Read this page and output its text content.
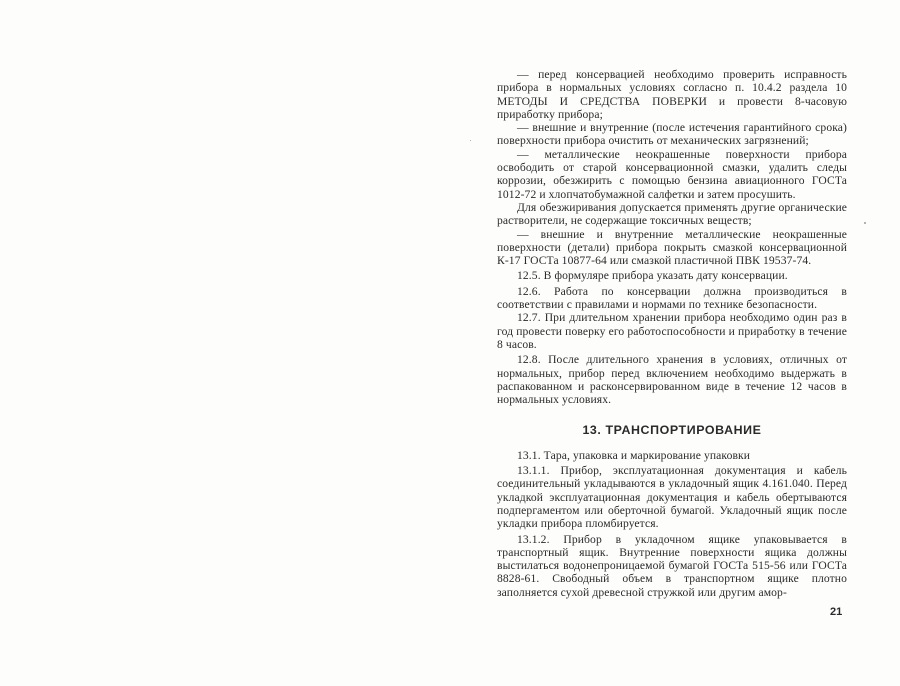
— перед консервацией необходимо проверить исправность прибора в нормальных условиях согласно п. 10.4.2 раздела 10 МЕТОДЫ И СРЕДСТВА ПОВЕРКИ и провести 8-часовую приработку прибора;

— внешние и внутренние (после истечения гарантийного срока) поверхности прибора очистить от механических загрязнений;

— металлические неокрашенные поверхности прибора освободить от старой консервационной смазки, удалить следы коррозии, обезжирить с помощью бензина авиационного ГОСТа 1012-72 и хлопчатобумажной салфетки и затем просушить.

Для обезжиривания допускается применять другие органические растворители, не содержащие токсичных веществ;

— внешние и внутренние металлические неокрашенные поверхности (детали) прибора покрыть смазкой консервационной К-17 ГОСТа 10877-64 или смазкой пластичной ПВК 19537-74.

12.5. В формуляре прибора указать дату консервации.

12.6. Работа по консервации должна производиться в соответствии с правилами и нормами по технике безопасности.

12.7. При длительном хранении прибора необходимо один раз в год провести поверку его работоспособности и приработку в течение 8 часов.

12.8. После длительного хранения в условиях, отличных от нормальных, прибор перед включением необходимо выдержать в распакованном и расконсервированном виде в течение 12 часов в нормальных условиях.

13. ТРАНСПОРТИРОВАНИЕ

13.1. Тара, упаковка и маркирование упаковки

13.1.1. Прибор, эксплуатационная документация и кабель соединительный укладываются в укладочный ящик 4.161.040. Перед укладкой эксплуатационная документация и кабель обертываются подпергаментом или оберточной бумагой. Укладочный ящик после укладки прибора пломбируется.

13.1.2. Прибор в укладочном ящике упаковывается в транспортный ящик. Внутренние поверхности ящика должны выстилаться водонепроницаемой бумагой ГОСТа 515-56 или ГОСТа 8828-61. Свободный объем в транспортном ящике плотно заполняется сухой древесной стружкой или другим амор-

21
